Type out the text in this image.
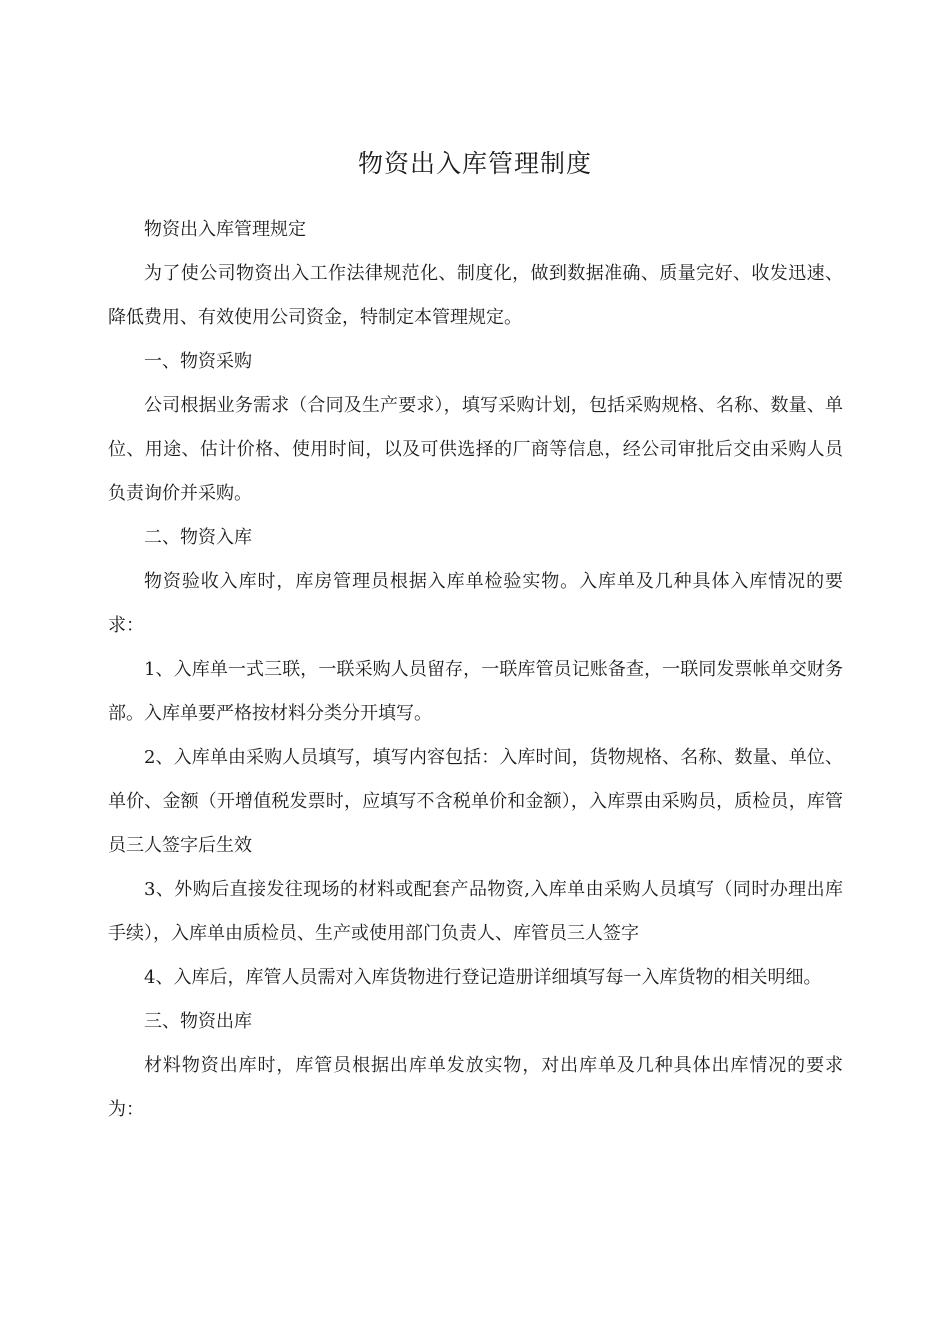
物资出入库管理制度

物资出入库管理规定

为了使公司物资出入工作法律规范化、制度化，做到数据准确、质量完好、收发迅速、降低费用、有效使用公司资金，特制定本管理规定。

一、物资采购

公司根据业务需求（合同及生产要求），填写采购计划，包括采购规格、名称、数量、单位、用途、估计价格、使用时间，以及可供选择的厂商等信息，经公司审批后交由采购人员负责询价并采购。

二、物资入库

物资验收入库时，库房管理员根据入库单检验实物。入库单及几种具体入库情况的要求：

1、入库单一式三联，一联采购人员留存，一联库管员记账备查，一联同发票帐单交财务部。入库单要严格按材料分类分开填写。

2、入库单由采购人员填写，填写内容包括：入库时间，货物规格、名称、数量、单位、单价、金额（开增值税发票时，应填写不含税单价和金额），入库票由采购员，质检员，库管员三人签字后生效

3、外购后直接发往现场的材料或配套产品物资,入库单由采购人员填写（同时办理出库手续），入库单由质检员、生产或使用部门负责人、库管员三人签字

4、入库后，库管人员需对入库货物进行登记造册详细填写每一入库货物的相关明细。

三、物资出库

材料物资出库时，库管员根据出库单发放实物，对出库单及几种具体出库情况的要求为：
